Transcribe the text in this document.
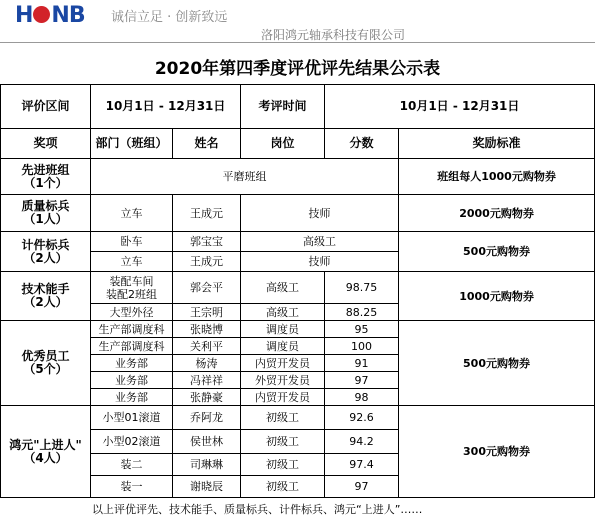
H NB 诚信立足 · 创新致远
洛阳鸿元轴承科技有限公司
2020年第四季度评优评先结果公示表
评价区间	10月1日 - 12月31日		考评时间	10月1日 - 12月31日	
奖项	部门（班组）	姓名	岗位	分数	奖励标准
先进班组
（1个）	平磨班组				班组每人1000元购物券
质量标兵
（1人）	立车	王成元	技师		2000元购物券
计件标兵
（2人）	卧车	郭宝宝	高级工		500元购物券
	立车	王成元	技师		
技术能手
（2人）	装配车间
装配2班组	郭会平	高级工	98.75	1000元购物券
	大型外径	王宗明	高级工	88.25	
优秀员工
（5个）	生产部调度科	张晓博	调度员	95	500元购物券
	生产部调度科	关利平	调度员	100	
	业务部	杨涛	内贸开发员	91	
	业务部	冯祥祥	外贸开发员	97	
	业务部	张静豪	内贸开发员	98	
鸿元"上进人"
（4人）	小型01滚道	乔阿龙	初级工	92.6	300元购物券
	小型02滚道	侯世林	初级工	94.2	
	装二	司琳琳	初级工	97.4	
	装一	谢晓辰	初级工	97	
以上评优评先、技术能手、质量标兵、计件标兵、鸿元“上进人”……
